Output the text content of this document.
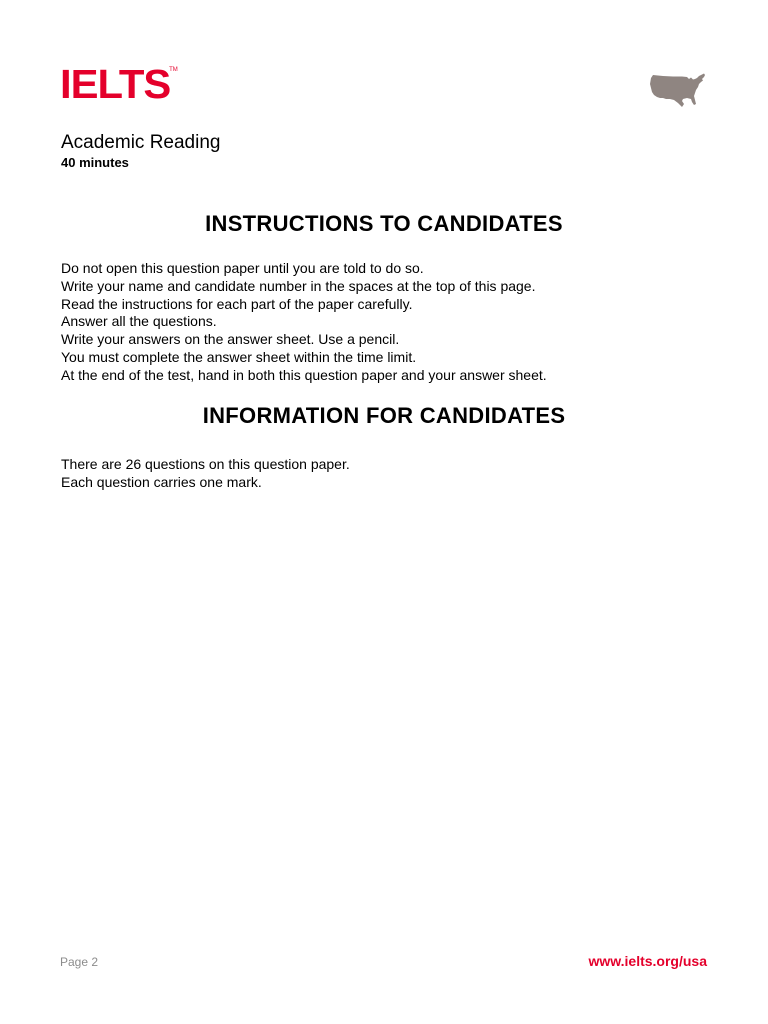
IELTS
TM
Academic Reading
40 minutes
INSTRUCTIONS TO CANDIDATES
Do not open this question paper until you are told to do so.
Write your name and candidate number in the spaces at the top of this page.
Read the instructions for each part of the paper carefully.
Answer all the questions.
Write your answers on the answer sheet. Use a pencil.
You must complete the answer sheet within the time limit.
At the end of the test, hand in both this question paper and your answer sheet.
INFORMATION FOR CANDIDATES
There are 26 questions on this question paper.
Each question carries one mark.
Page 2	www.ielts.org/usa
